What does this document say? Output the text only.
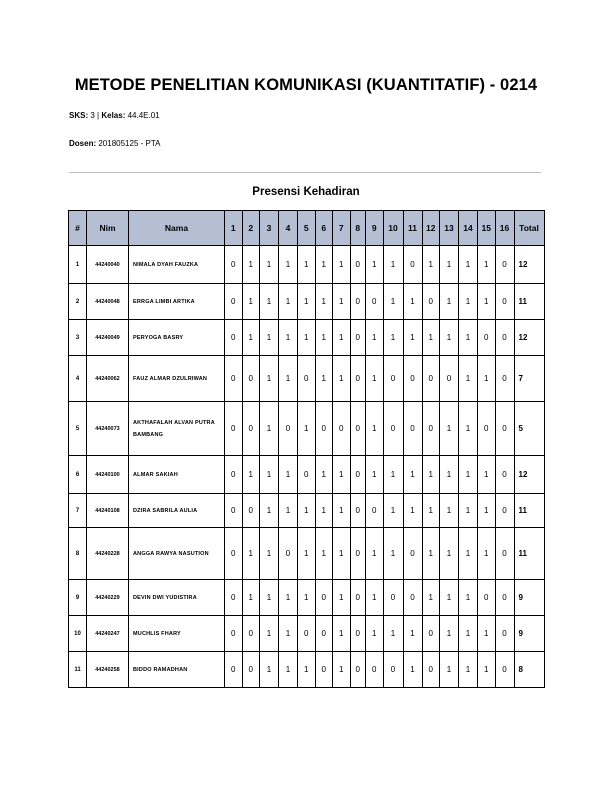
METODE PENELITIAN KOMUNIKASI (KUANTITATIF) - 0214
SKS: 3 | Kelas: 44.4E.01
Dosen: 201805125 - PTA
Presensi Kehadiran
#	Nim	Nama	1	2	3	4	5	6	7	8	9	10	11	12	13	14	15	16	Total
1	44240040	NIMALA DYAH FAUZKA	0	1	1	1	1	1	1	0	1	1	0	1	1	1	1	0	12
2	44240048	ERRGA LIMBI ARTIKA	0	1	1	1	1	1	1	0	0	1	1	0	1	1	1	0	11
3	44240049	PERYOGA BASRY	0	1	1	1	1	1	1	0	1	1	1	1	1	1	0	0	12
4	44240062	FAUZ ALMAR DZULRIWAN	0	0	1	1	0	1	1	0	1	0	0	0	0	1	1	0	7
5	44240073	AKTHAFALAH ALVAN PUTRA BAMBANG	0	0	1	0	1	0	0	0	1	0	0	0	1	1	0	0	5
6	44240100	ALMAR SAKIAH	0	1	1	1	0	1	1	0	1	1	1	1	1	1	1	0	12
7	44240108	DZIRA SABRILA AULIA	0	0	1	1	1	1	1	0	0	1	1	1	1	1	1	0	11
8	44240228	ANGGA RAWYA NASUTION	0	1	1	0	1	1	1	0	1	1	0	1	1	1	1	0	11
9	44240229	DEVIN DWI YUDISTIRA	0	1	1	1	1	0	1	0	1	0	0	1	1	1	0	0	9
10	44240247	MUCHLIS FHARY	0	0	1	1	0	0	1	0	1	1	1	0	1	1	1	0	9
11	44240258	BIDDO RAMADHAN	0	0	1	1	1	0	1	0	0	0	1	0	1	1	1	0	8
